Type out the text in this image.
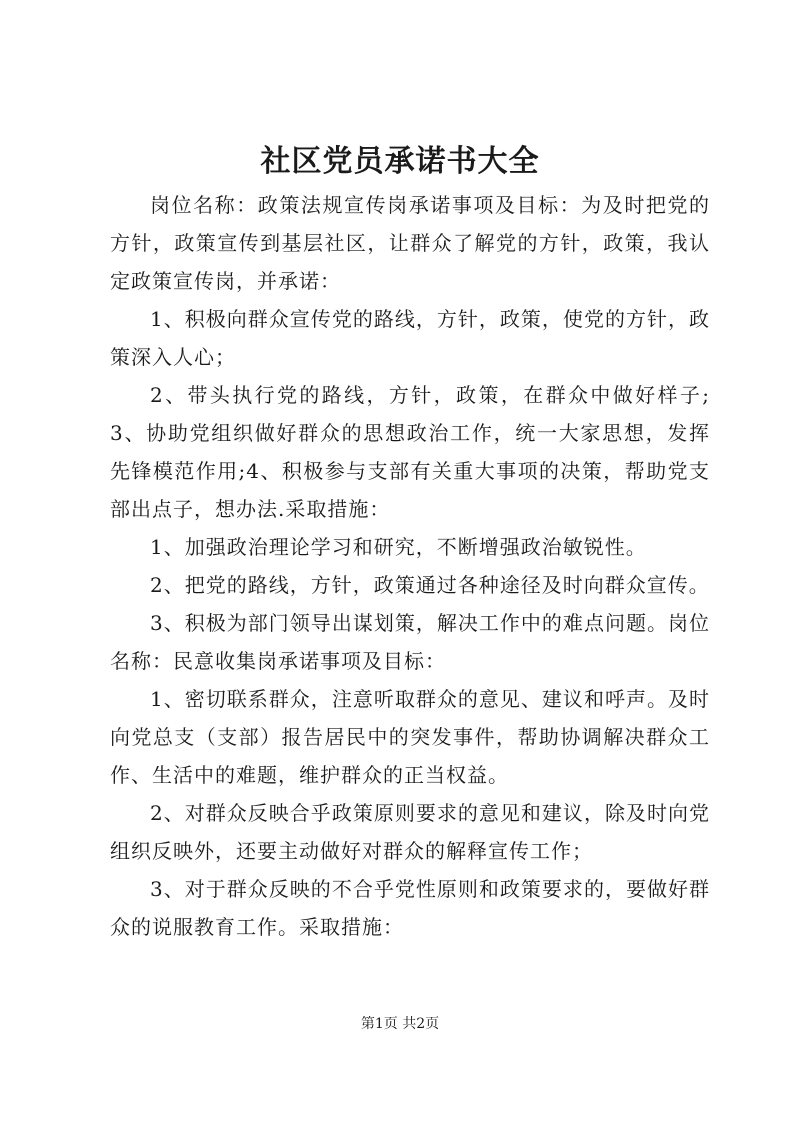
社区党员承诺书大全

岗位名称：政策法规宣传岗承诺事项及目标：为及时把党的方针，政策宣传到基层社区，让群众了解党的方针，政策，我认定政策宣传岗，并承诺：

1、积极向群众宣传党的路线，方针，政策，使党的方针，政策深入人心；

2、带头执行党的路线，方针，政策，在群众中做好样子;3、协助党组织做好群众的思想政治工作，统一大家思想，发挥先锋模范作用;4、积极参与支部有关重大事项的决策，帮助党支部出点子，想办法.采取措施：

1、加强政治理论学习和研究，不断增强政治敏锐性。

2、把党的路线，方针，政策通过各种途径及时向群众宣传。

3、积极为部门领导出谋划策，解决工作中的难点问题。岗位名称：民意收集岗承诺事项及目标：

1、密切联系群众，注意听取群众的意见、建议和呼声。及时向党总支（支部）报告居民中的突发事件，帮助协调解决群众工作、生活中的难题，维护群众的正当权益。

2、对群众反映合乎政策原则要求的意见和建议，除及时向党组织反映外，还要主动做好对群众的解释宣传工作；

3、对于群众反映的不合乎党性原则和政策要求的，要做好群众的说服教育工作。采取措施：

第1页 共2页
